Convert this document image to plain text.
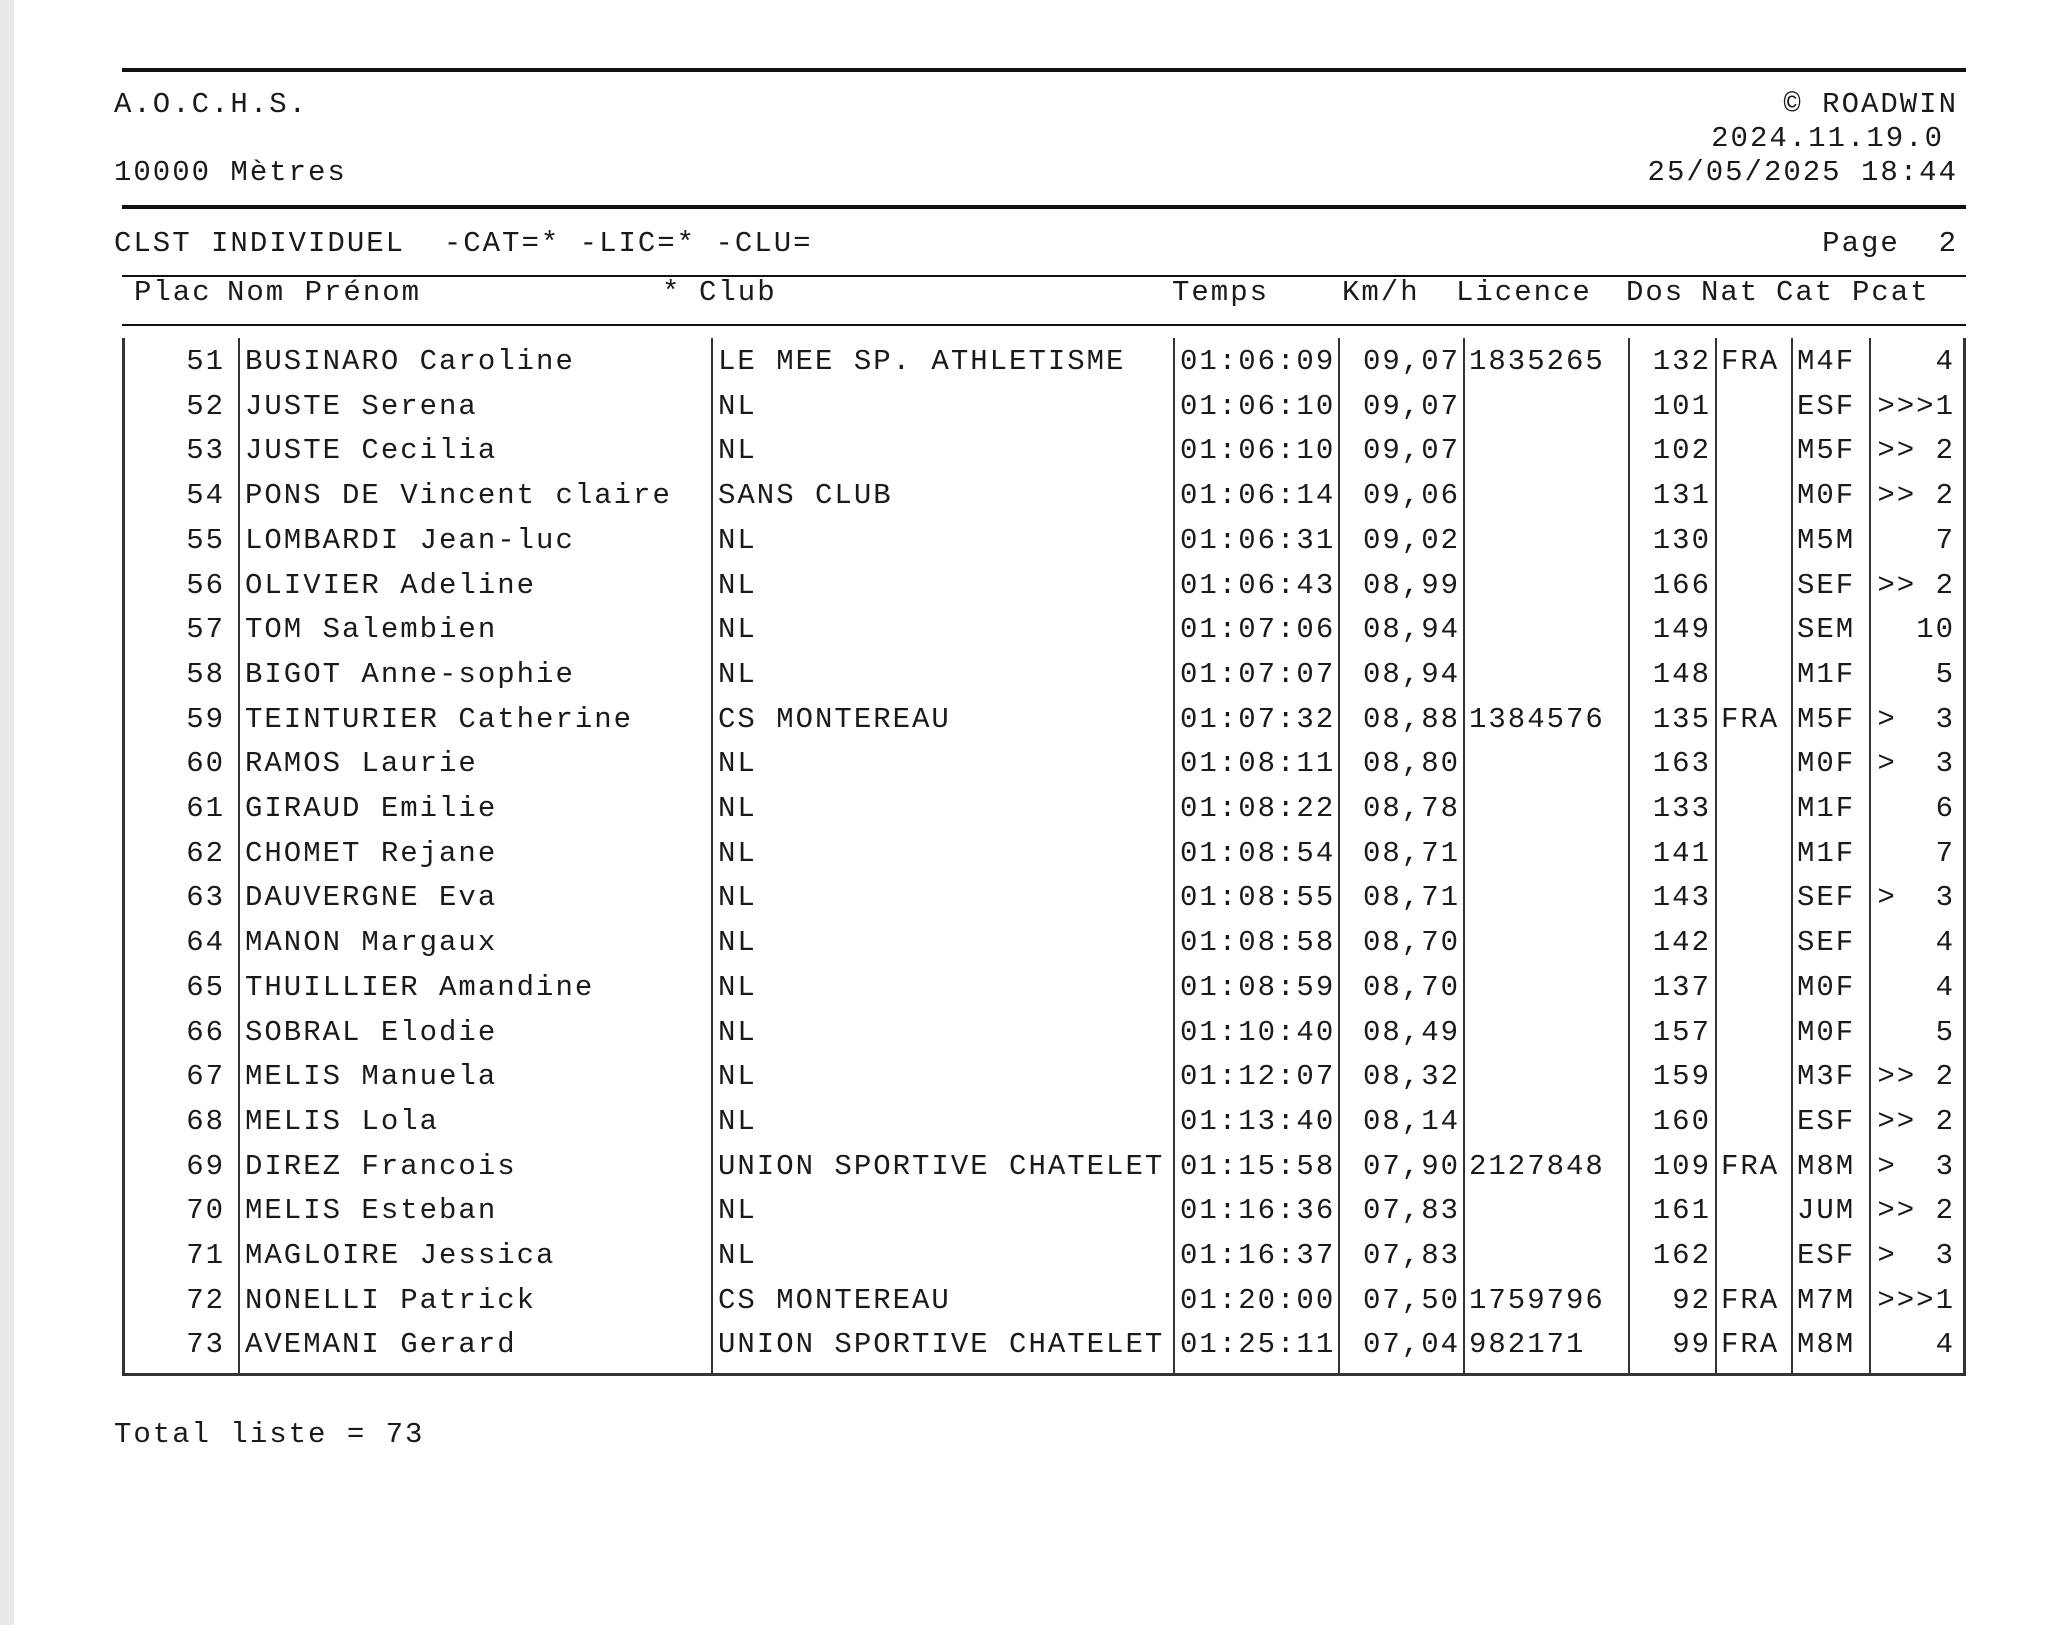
A.O.C.H.S.
10000 Mètres
© ROADWIN
2024.11.19.0
25/05/2025 18:44
CLST INDIVIDUEL  -CAT=* -LIC=* -CLU=	Page  2
Plac Nom Prénom	* Club	Temps	Km/h Licence Dos Nat Cat Pcat
51 BUSINARO Caroline	LE MEE SP. ATHLETISME	01:06:09 09,07 1835265	132 FRA M4F	4
52 JUSTE Serena	NL	01:06:10 09,07	101	ESF >>>1
53 JUSTE Cecilia	NL	01:06:10 09,07	102	M5F >> 2
54 PONS DE Vincent claire	SANS CLUB	01:06:14 09,06	131	M0F >> 2
55 LOMBARDI Jean-luc	NL	01:06:31 09,02	130	M5M	7
56 OLIVIER Adeline	NL	01:06:43 08,99	166	SEF >> 2
57 TOM Salembien	NL	01:07:06 08,94	149	SEM	10
58 BIGOT Anne-sophie	NL	01:07:07 08,94	148	M1F	5
59 TEINTURIER Catherine	CS MONTEREAU	01:07:32 08,88 1384576	135 FRA M5F >  3
60 RAMOS Laurie	NL	01:08:11 08,80	163	M0F >  3
61 GIRAUD Emilie	NL	01:08:22 08,78	133	M1F	6
62 CHOMET Rejane	NL	01:08:54 08,71	141	M1F	7
63 DAUVERGNE Eva	NL	01:08:55 08,71	143	SEF >  3
64 MANON Margaux	NL	01:08:58 08,70	142	SEF	4
65 THUILLIER Amandine	NL	01:08:59 08,70	137	M0F	4
66 SOBRAL Elodie	NL	01:10:40 08,49	157	M0F	5
67 MELIS Manuela	NL	01:12:07 08,32	159	M3F >> 2
68 MELIS Lola	NL	01:13:40 08,14	160	ESF >> 2
69 DIREZ Francois	UNION SPORTIVE CHATELET 01:15:58 07,90 2127848	109 FRA M8M >  3
70 MELIS Esteban	NL	01:16:36 07,83	161	JUM >> 2
71 MAGLOIRE Jessica	NL	01:16:37 07,83	162	ESF >  3
72 NONELLI Patrick	CS MONTEREAU	01:20:00 07,50 1759796	92 FRA M7M >>>1
73 AVEMANI Gerard	UNION SPORTIVE CHATELET 01:25:11 07,04 982171	99 FRA M8M	4
Total liste = 73
